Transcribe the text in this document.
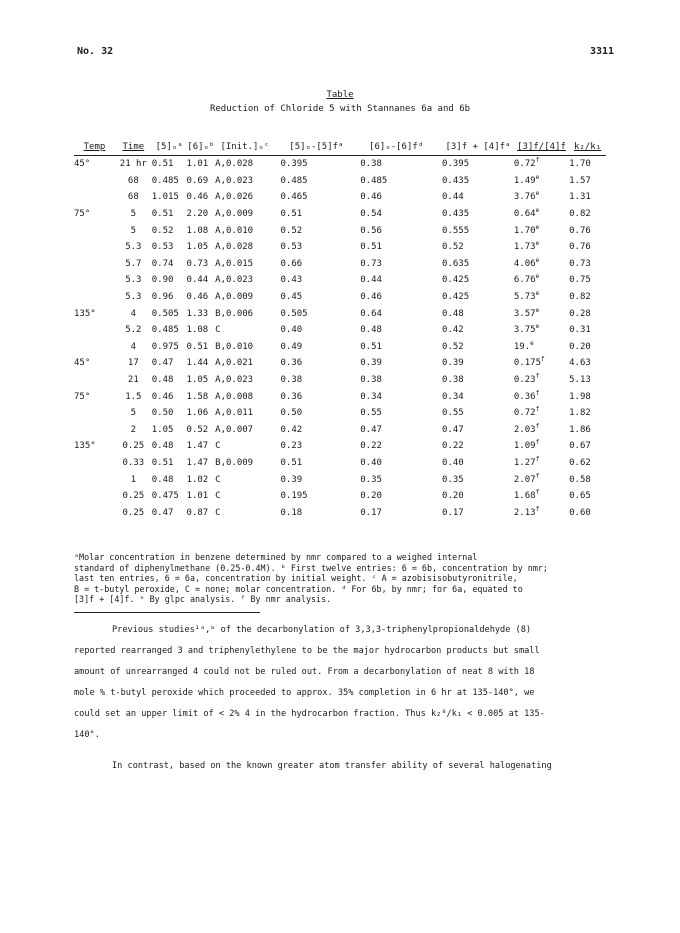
No. 32	3311
Table
Reduction of Chloride 5 with Stannanes 6a and 6b
Temp	Time	[5]ₒᵃ	[6]ₒᵇ	[Init.]ₒᶜ	[5]ₒ-[5]fᵃ	[6]ₒ-[6]fᵈ	[3]f + [4]fᵃ	[3]f/[4]f	k₂/k₁
45°	21 hr	0.51	1.01	A,0.028	0.395	0.38	0.395	0.72$^f$	1.70
	68	0.485	0.69	A,0.023	0.485	0.485	0.435	1.49e	1.57
	68	1.015	0.46	A,0.026	0.465	0.46	0.44	3.76e	1.31
75°	5	0.51	2.20	A,0.009	0.51	0.54	0.435	0.64e	0.82
	5	0.52	1.08	A,0.010	0.52	0.56	0.555	1.70e	0.76
	5.3	0.53	1.05	A,0.028	0.53	0.51	0.52	1.73e	0.76
	5.7	0.74	0.73	A,0.015	0.66	0.73	0.635	4.06e	0.73
	5.3	0.90	0.44	A,0.023	0.43	0.44	0.425	6.76e	0.75
	5.3	0.96	0.46	A,0.009	0.45	0.46	0.425	5.73e	0.82
135°	4	0.505	1.33	B,0.006	0.505	0.64	0.48	3.57e	0.28
	5.2	0.485	1.08	C	0.40	0.48	0.42	3.75e	0.31
	4	0.975	0.51	B,0.010	0.49	0.51	0.52	19.$^e$	0.20
45°	17	0.47	1.44	A,0.021	0.36	0.39	0.39	0.175$^f$	4.63
	21	0.48	1.05	A,0.023	0.38	0.38	0.38	0.23$^f$	5.13
75°	1.5	0.46	1.58	A,0.008	0.36	0.34	0.34	0.36$^f$	1.98
	5	0.50	1.06	A,0.011	0.50	0.55	0.55	0.72$^f$	1.82
	2	1.05	0.52	A,0.007	0.42	0.47	0.47	2.03$^f$	1.86
135°	0.25	0.48	1.47	C	0.23	0.22	0.22	1.09$^f$	0.67
	0.33	0.51	1.47	B,0.009	0.51	0.40	0.40	1.27$^f$	0.62
	1	0.48	1.02	C	0.39	0.35	0.35	2.07$^f$	0.58
	0.25	0.475	1.01	C	0.195	0.20	0.20	1.68$^f$	0.65
	0.25	0.47	0.87	C	0.18	0.17	0.17	2.13$^f$	0.60
ᵃMolar concentration in benzene determined by nmr compared to a weighed internal
standard of diphenylmethane (0.25-0.4M). ᵇ First twelve entries: 6 = 6b, concentration by nmr;
last ten entries, 6 = 6a, concentration by initial weight. ᶜ A = azobisisobutyronitrile,
B = t-butyl peroxide, C = none; molar concentration. ᵈ For 6b, by nmr; for 6a, equated to
[3]f + [4]f. ᵉ By glpc analysis. ᶠ By nmr analysis.
Previous studies¹ᵃ,ᵇ of the decarbonylation of 3,3,3-triphenylpropionaldehyde (8)
reported rearranged 3 and triphenylethylene to be the major hydrocarbon products but small
amount of unrearranged 4 could not be ruled out. From a decarbonylation of neat 8 with 18
mole % t-butyl peroxide which proceeded to approx. 35% completion in 6 hr at 135-140°, we
could set an upper limit of < 2% 4 in the hydrocarbon fraction. Thus k₂⁸/k₁ < 0.005 at 135-
140°.
In contrast, based on the known greater atom transfer ability of several halogenating
